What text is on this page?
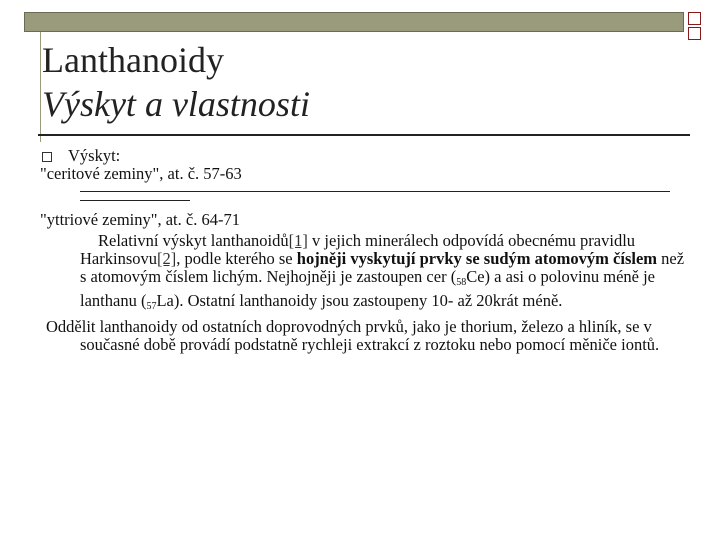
Lanthanoidy
Výskyt a vlastnosti
Výskyt:
"ceritové zeminy", at. č. 57-63
"yttriové zeminy", at. č. 64-71
Relativní výskyt lanthanoidů[1] v jejich minerálech odpovídá obecnému pravidlu Harkinsovu[2], podle kterého se hojněji vyskytují prvky se sudým atomovým číslem než s atomovým číslem lichým. Nejhojněji je zastoupen cer $(_{58}Ce)$ a asi o polovinu méně je lanthanu $(_{57}La)$. Ostatní lanthanoidy jsou zastoupeny 10- až 20krát méně.
Oddělit lanthanoidy od ostatních doprovodných prvků, jako je thorium, železo a hliník, se v současné době provádí podstatně rychleji extrakcí z roztoku nebo pomocí měniče iontů.
